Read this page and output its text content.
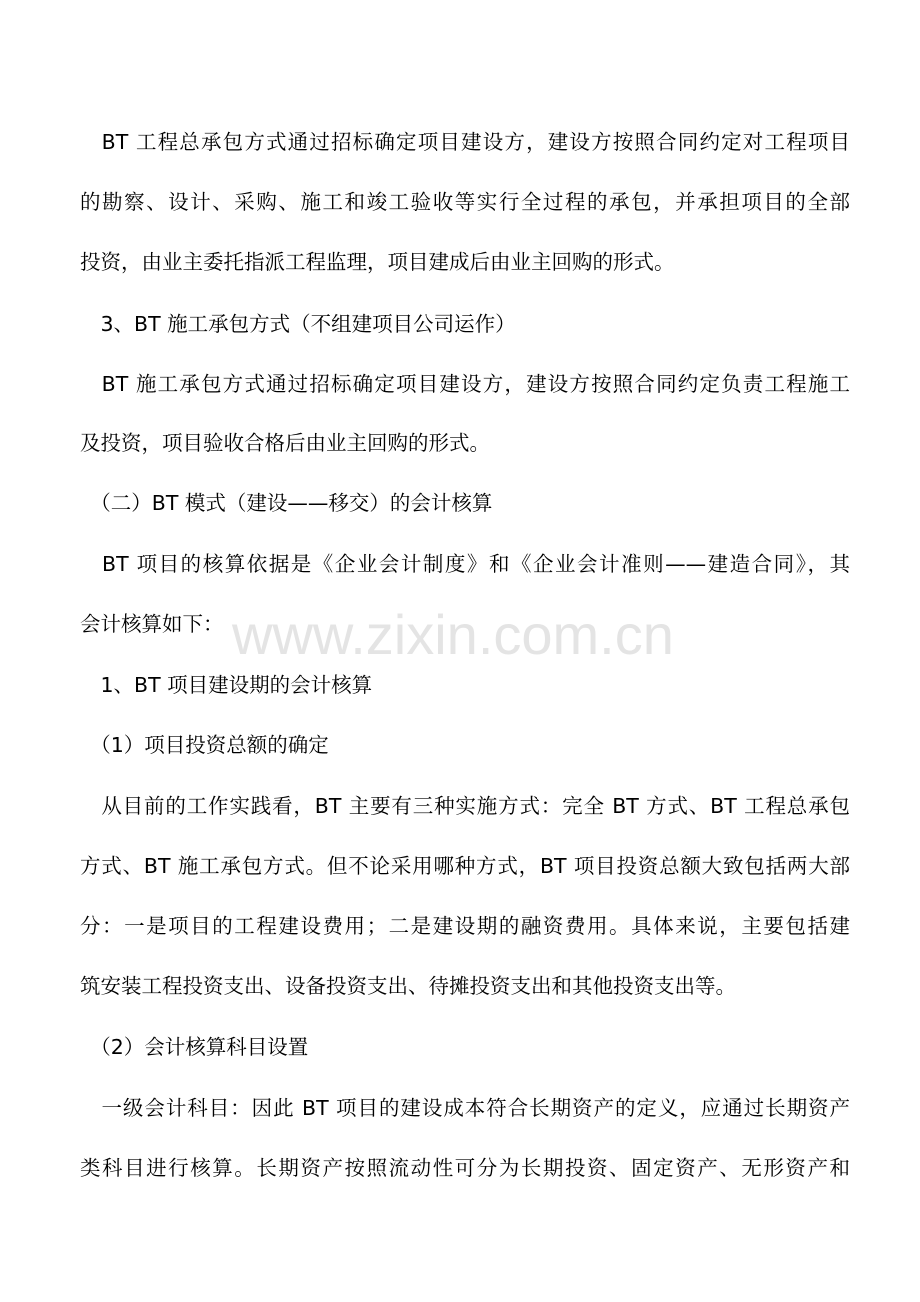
　BT 工程总承包方式通过招标确定项目建设方，建设方按照合同约定对工程项目
的勘察、设计、采购、施工和竣工验收等实行全过程的承包，并承担项目的全部
投资，由业主委托指派工程监理，项目建成后由业主回购的形式。
　3、BT 施工承包方式（不组建项目公司运作）
　BT 施工承包方式通过招标确定项目建设方，建设方按照合同约定负责工程施工
及投资，项目验收合格后由业主回购的形式。
　（二）BT 模式（建设——移交）的会计核算
　BT 项目的核算依据是《企业会计制度》和《企业会计准则——建造合同》，其
会计核算如下：
　1、BT 项目建设期的会计核算
　（1）项目投资总额的确定
　从目前的工作实践看，BT 主要有三种实施方式：完全 BT 方式、BT 工程总承包
方式、BT 施工承包方式。但不论采用哪种方式，BT 项目投资总额大致包括两大部
分：一是项目的工程建设费用；二是建设期的融资费用。具体来说，主要包括建
筑安装工程投资支出、设备投资支出、待摊投资支出和其他投资支出等。
　（2）会计核算科目设置
　一级会计科目：因此 BT 项目的建设成本符合长期资产的定义，应通过长期资产
类科目进行核算。长期资产按照流动性可分为长期投资、固定资产、无形资产和
www.zixin.com.cn
